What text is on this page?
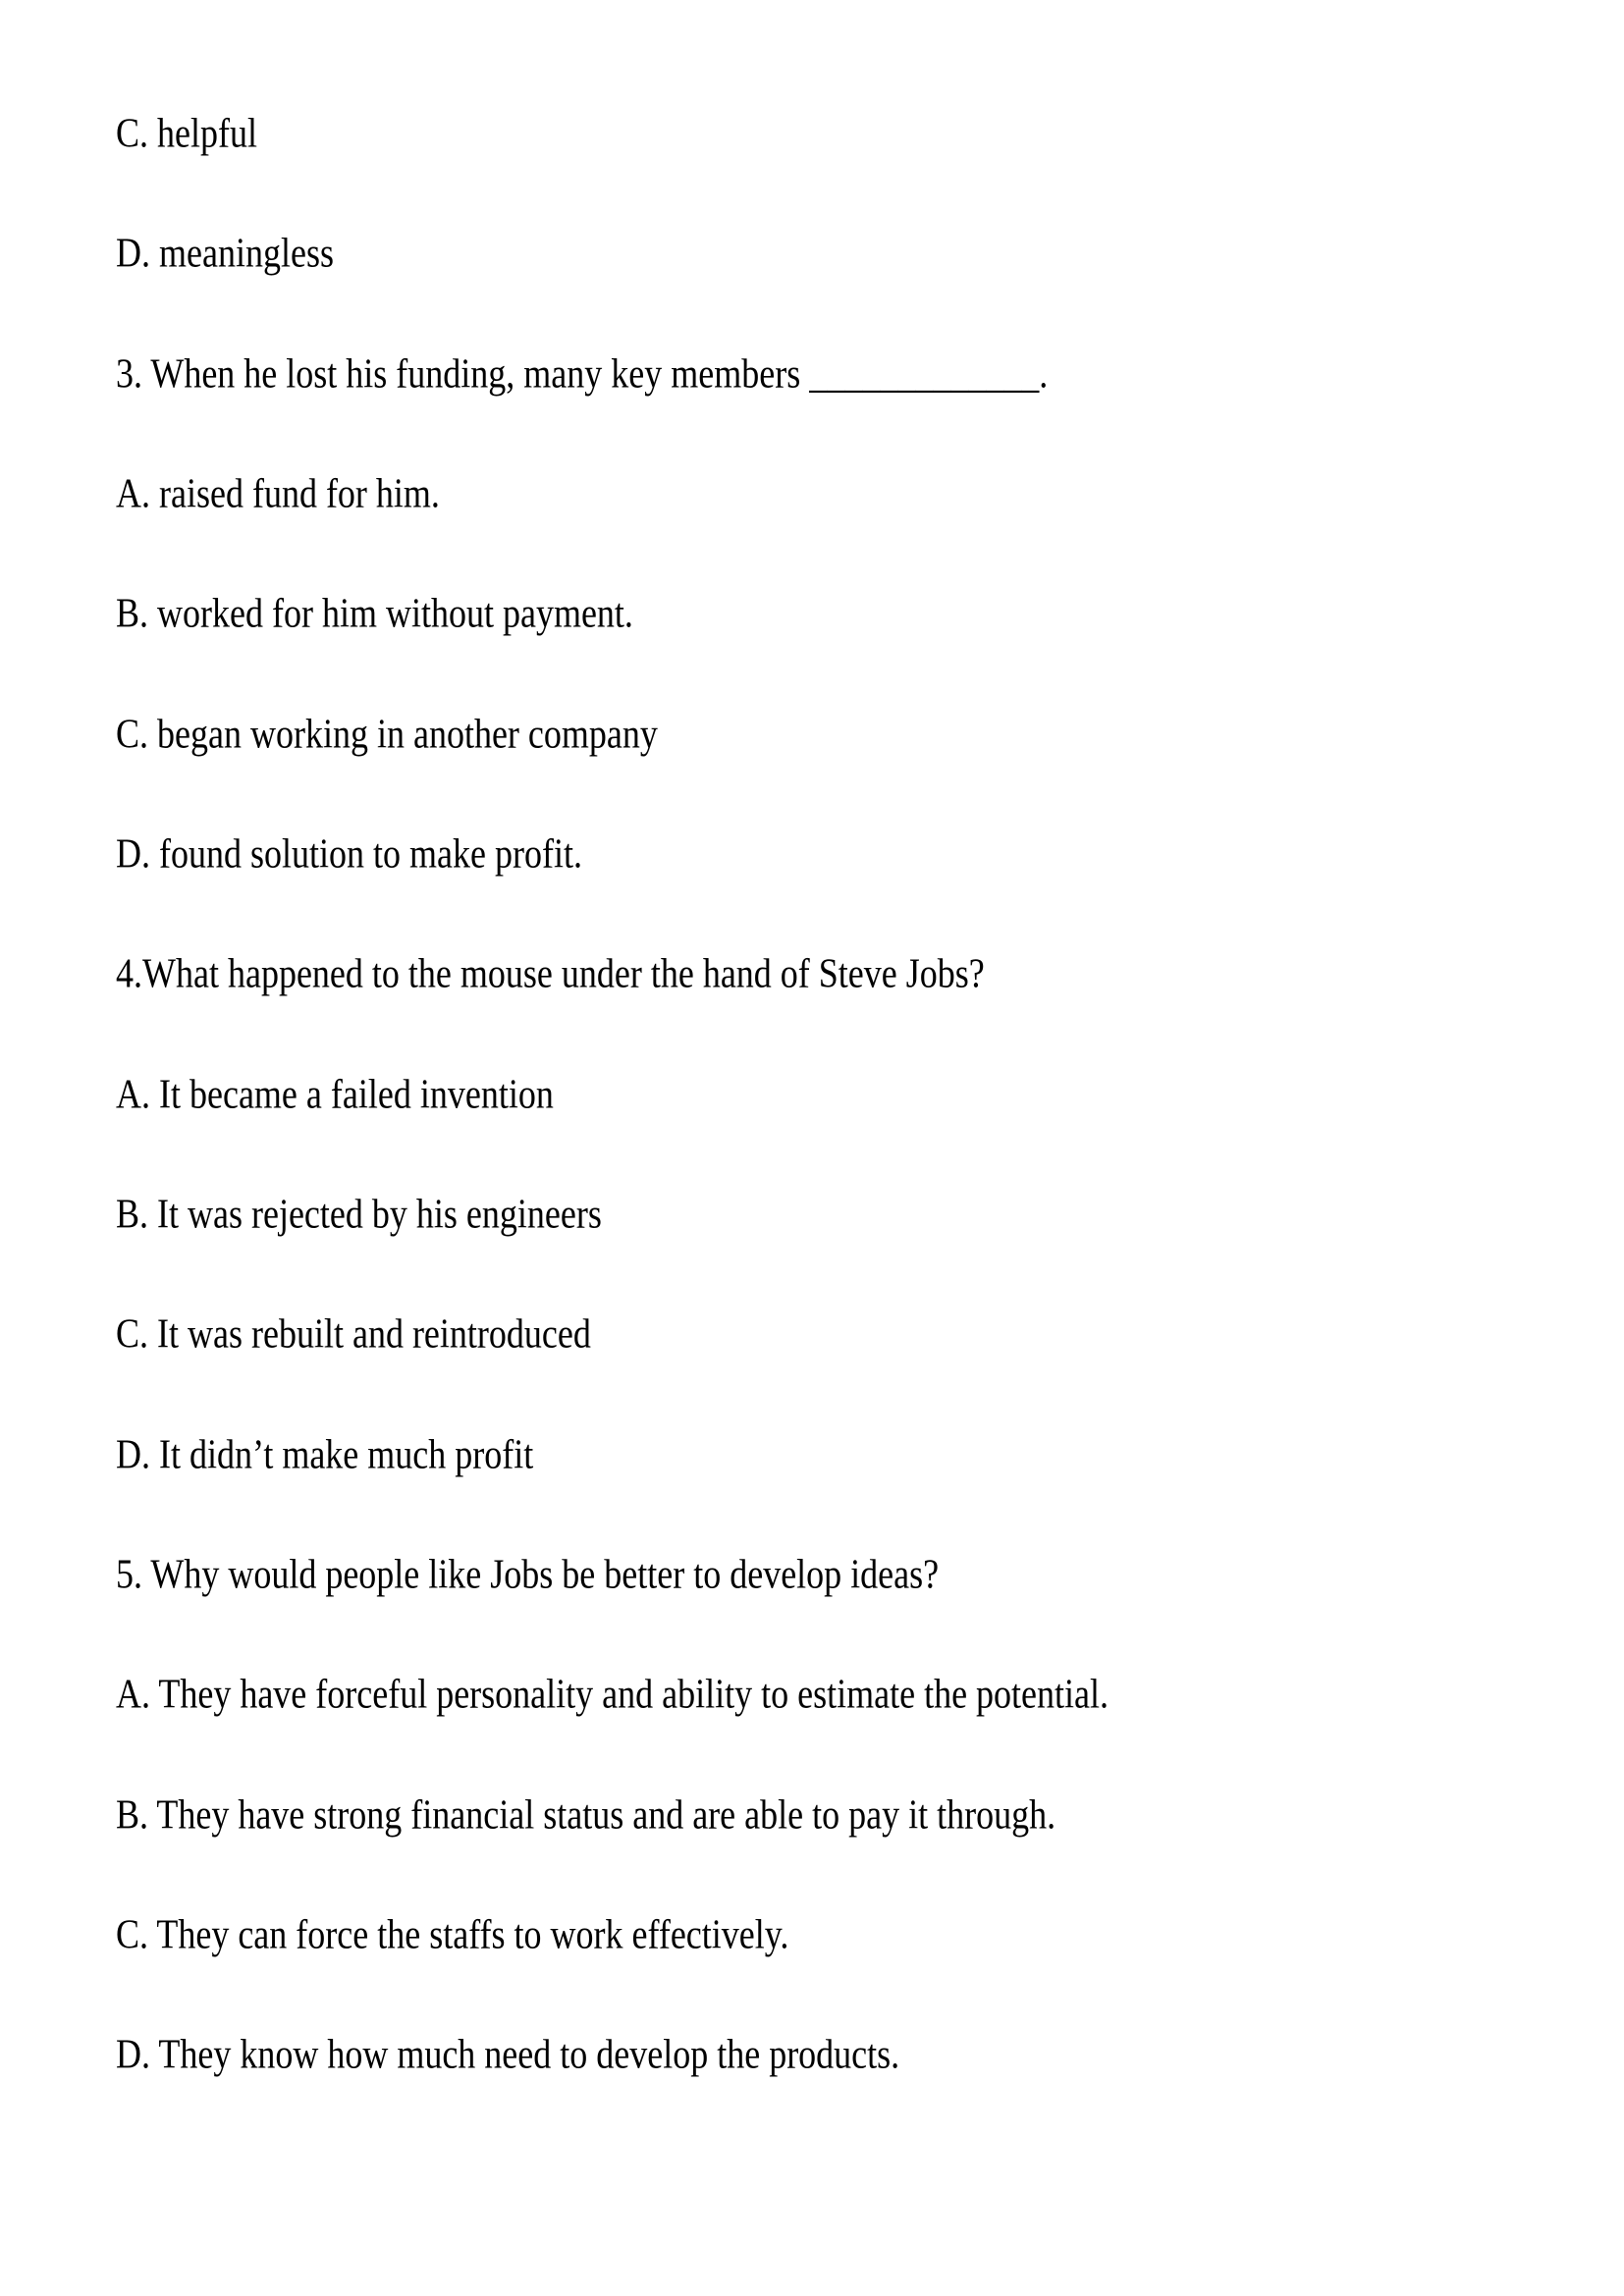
C. helpful

D. meaningless

3. When he lost his funding, many key members _____________.

A. raised fund for him.

B. worked for him without payment.

C. began working in another company

D. found solution to make profit.

4.What happened to the mouse under the hand of Steve Jobs?

A. It became a failed invention

B. It was rejected by his engineers

C. It was rebuilt and reintroduced

D. It didn’t make much profit

5. Why would people like Jobs be better to develop ideas?

A. They have forceful personality and ability to estimate the potential.

B. They have strong financial status and are able to pay it through.

C. They can force the staffs to work effectively.

D. They know how much need to develop the products.
